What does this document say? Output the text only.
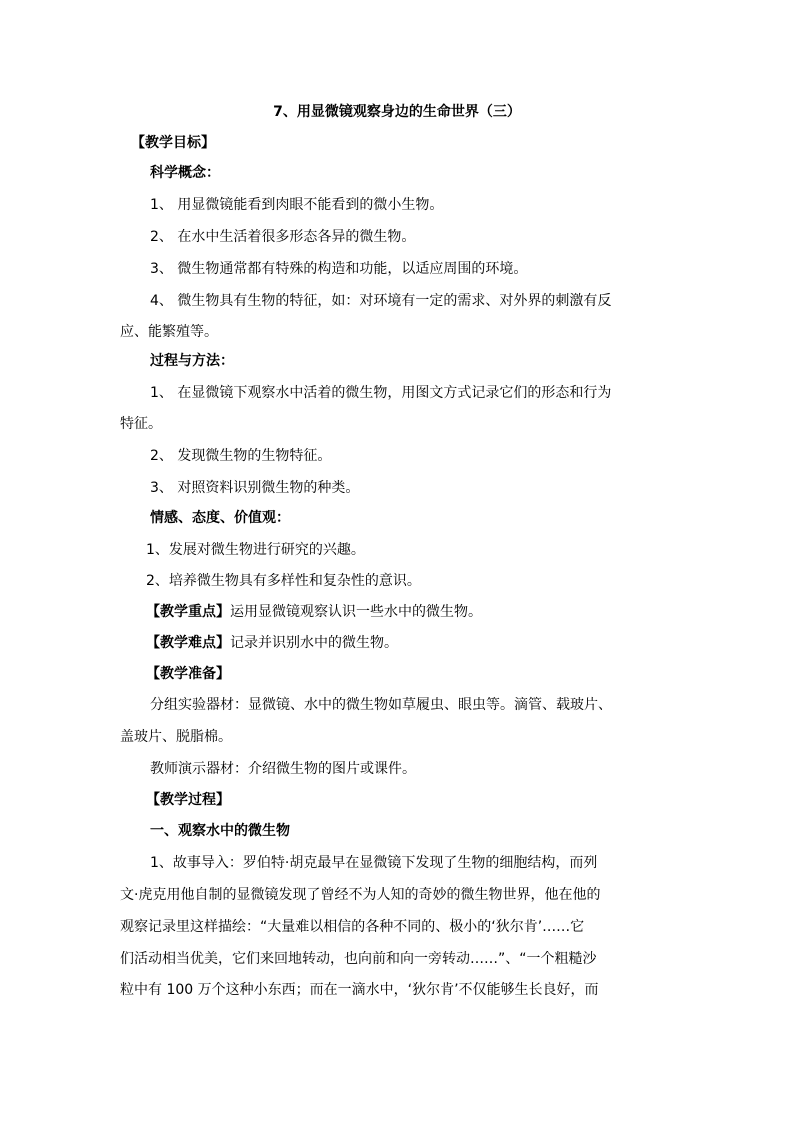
7、用显微镜观察身边的生命世界（三）
【教学目标】
科学概念：
1、 用显微镜能看到肉眼不能看到的微小生物。
2、 在水中生活着很多形态各异的微生物。
3、 微生物通常都有特殊的构造和功能，以适应周围的环境。
4、 微生物具有生物的特征，如：对环境有一定的需求、对外界的刺激有反
应、能繁殖等。
过程与方法：
1、 在显微镜下观察水中活着的微生物，用图文方式记录它们的形态和行为
特征。
2、 发现微生物的生物特征。
3、 对照资料识别微生物的种类。
情感、态度、价值观：
1、发展对微生物进行研究的兴趣。
2、培养微生物具有多样性和复杂性的意识。
【教学重点】运用显微镜观察认识一些水中的微生物。
【教学难点】记录并识别水中的微生物。
【教学准备】
分组实验器材：显微镜、水中的微生物如草履虫、眼虫等。滴管、载玻片、
盖玻片、脱脂棉。
教师演示器材：介绍微生物的图片或课件。
【教学过程】
一、观察水中的微生物
1、故事导入：罗伯特·胡克最早在显微镜下发现了生物的细胞结构，而列
文·虎克用他自制的显微镜发现了曾经不为人知的奇妙的微生物世界，他在他的
观察记录里这样描绘：“大量难以相信的各种不同的、极小的‘狄尔肯’……它
们活动相当优美，它们来回地转动，也向前和向一旁转动……”、“一个粗糙沙
粒中有 100 万个这种小东西；而在一滴水中，‘狄尔肯’不仅能够生长良好，而
